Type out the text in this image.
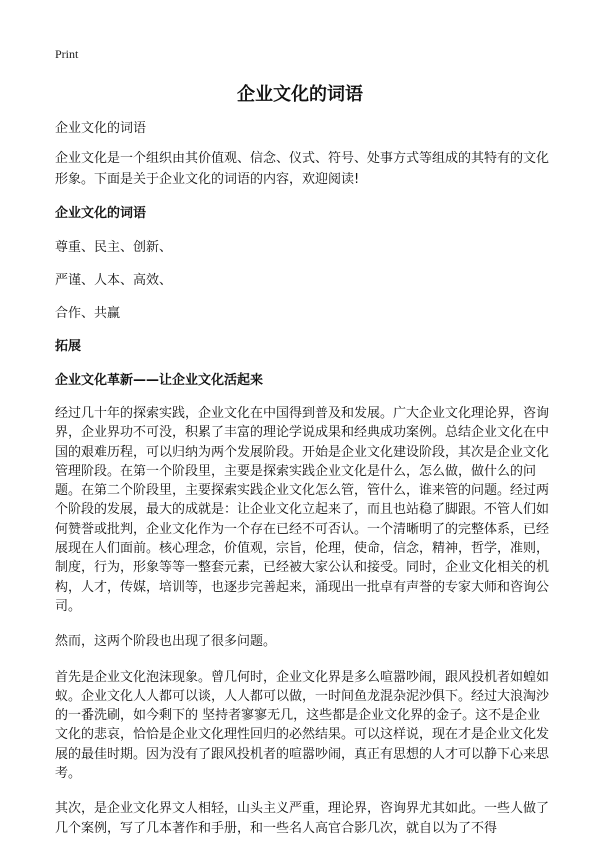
Print
企业文化的词语

企业文化的词语

企业文化是一个组织由其价值观、信念、仪式、符号、处事方式等组成的其特有的文化形象。下面是关于企业文化的词语的内容，欢迎阅读!

企业文化的词语

尊重、民主、创新、

严谨、人本、高效、

合作、共赢

拓展

企业文化革新——让企业文化活起来

经过几十年的探索实践，企业文化在中国得到普及和发展。广大企业文化理论界，咨询界，企业界功不可没，积累了丰富的理论学说成果和经典成功案例。总结企业文化在中国的艰难历程，可以归纳为两个发展阶段。开始是企业文化建设阶段，其次是企业文化管理阶段。在第一个阶段里，主要是探索实践企业文化是什么，怎么做，做什么的问题。在第二个阶段里，主要探索实践企业文化怎么管，管什么，谁来管的问题。经过两个阶段的发展，最大的成就是：让企业文化立起来了，而且也站稳了脚跟。不管人们如何赞誉或批判，企业文化作为一个存在已经不可否认。一个清晰明了的完整体系，已经展现在人们面前。核心理念，价值观，宗旨，伦理，使命，信念，精神，哲学，准则，制度，行为，形象等等一整套元素，已经被大家公认和接受。同时，企业文化相关的机构，人才，传媒，培训等，也逐步完善起来，涌现出一批卓有声誉的专家大师和咨询公司。

然而，这两个阶段也出现了很多问题。

首先是企业文化泡沫现象。曾几何时，企业文化界是多么喧嚣吵闹，跟风投机者如蝗如蚁。企业文化人人都可以谈，人人都可以做，一时间鱼龙混杂泥沙俱下。经过大浪淘沙的一番洗刷，如今剩下的 坚持者寥寥无几，这些都是企业文化界的金子。这不是企业文化的悲哀，恰恰是企业文化理性回归的必然结果。可以这样说，现在才是企业文化发展的最佳时期。因为没有了跟风投机者的喧嚣吵闹，真正有思想的人才可以静下心来思考。

其次，是企业文化界文人相轻，山头主义严重，理论界，咨询界尤其如此。一些人做了几个案例，写了几本著作和手册，和一些名人高官合影几次，就自以为了不得
